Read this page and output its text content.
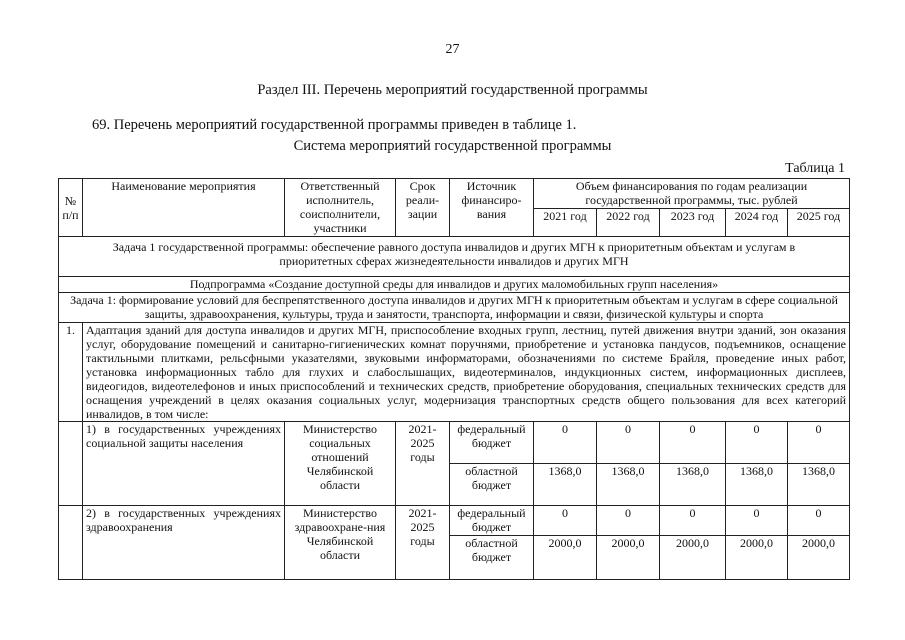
27
Раздел III. Перечень мероприятий государственной программы
69. Перечень мероприятий государственной программы приведен в таблице 1.
Система мероприятий государственной программы
Таблица 1
№ п/п	Наименование мероприятия	Ответственный исполнитель, соисполнители, участники	Срок реали-зации	Источник финансиро-вания	Объем финансирования по годам реализации государственной программы, тыс. рублей				
					2021 год	2022 год	2023 год	2024 год	2025 год
Задача 1 государственной программы: обеспечение равного доступа инвалидов и других МГН к приоритетным объектам и услугам в приоритетных сферах жизнедеятельности инвалидов и других МГН									
Подпрограмма «Создание доступной среды для инвалидов и других маломобильных групп населения»									
Задача 1: формирование условий для беспрепятственного доступа инвалидов и других МГН к приоритетным объектам и услугам в сфере социальной защиты, здравоохранения, культуры, труда и занятости, транспорта, информации и связи, физической культуры и спорта									
1.	Адаптация зданий для доступа инвалидов и других МГН, приспособление входных групп, лестниц, путей движения внутри зданий, зон оказания услуг, оборудование помещений и санитарно-гигиенических комнат поручнями, приобретение и установка пандусов, подъемников, оснащение тактильными плитками, рельсфными указателями, звуковыми информаторами, обозначениями по системе Брайля, проведение иных работ, установка информационных табло для глухих и слабослышащих, видеотерминалов, индукционных систем, информационных дисплеев, видеогидов, видеотелефонов и иных приспособлений и технических средств, приобретение оборудования, специальных технических средств для оснащения учреждений в целях оказания социальных услуг, модернизация транспортных средств общего пользования для всех категорий инвалидов, в том числе:								
	1) в государственных учреждениях социальной защиты населения	Министерство социальных отношений Челябинской области	2021-2025 годы	федеральный бюджет	0	0	0	0	0
				областной бюджет	1368,0	1368,0	1368,0	1368,0	1368,0
	2) в государственных учреждениях здравоохранения	Министерство здравоохране-ния Челябинской области	2021-2025 годы	федеральный бюджет	0	0	0	0	0
				областной бюджет	2000,0	2000,0	2000,0	2000,0	2000,0
